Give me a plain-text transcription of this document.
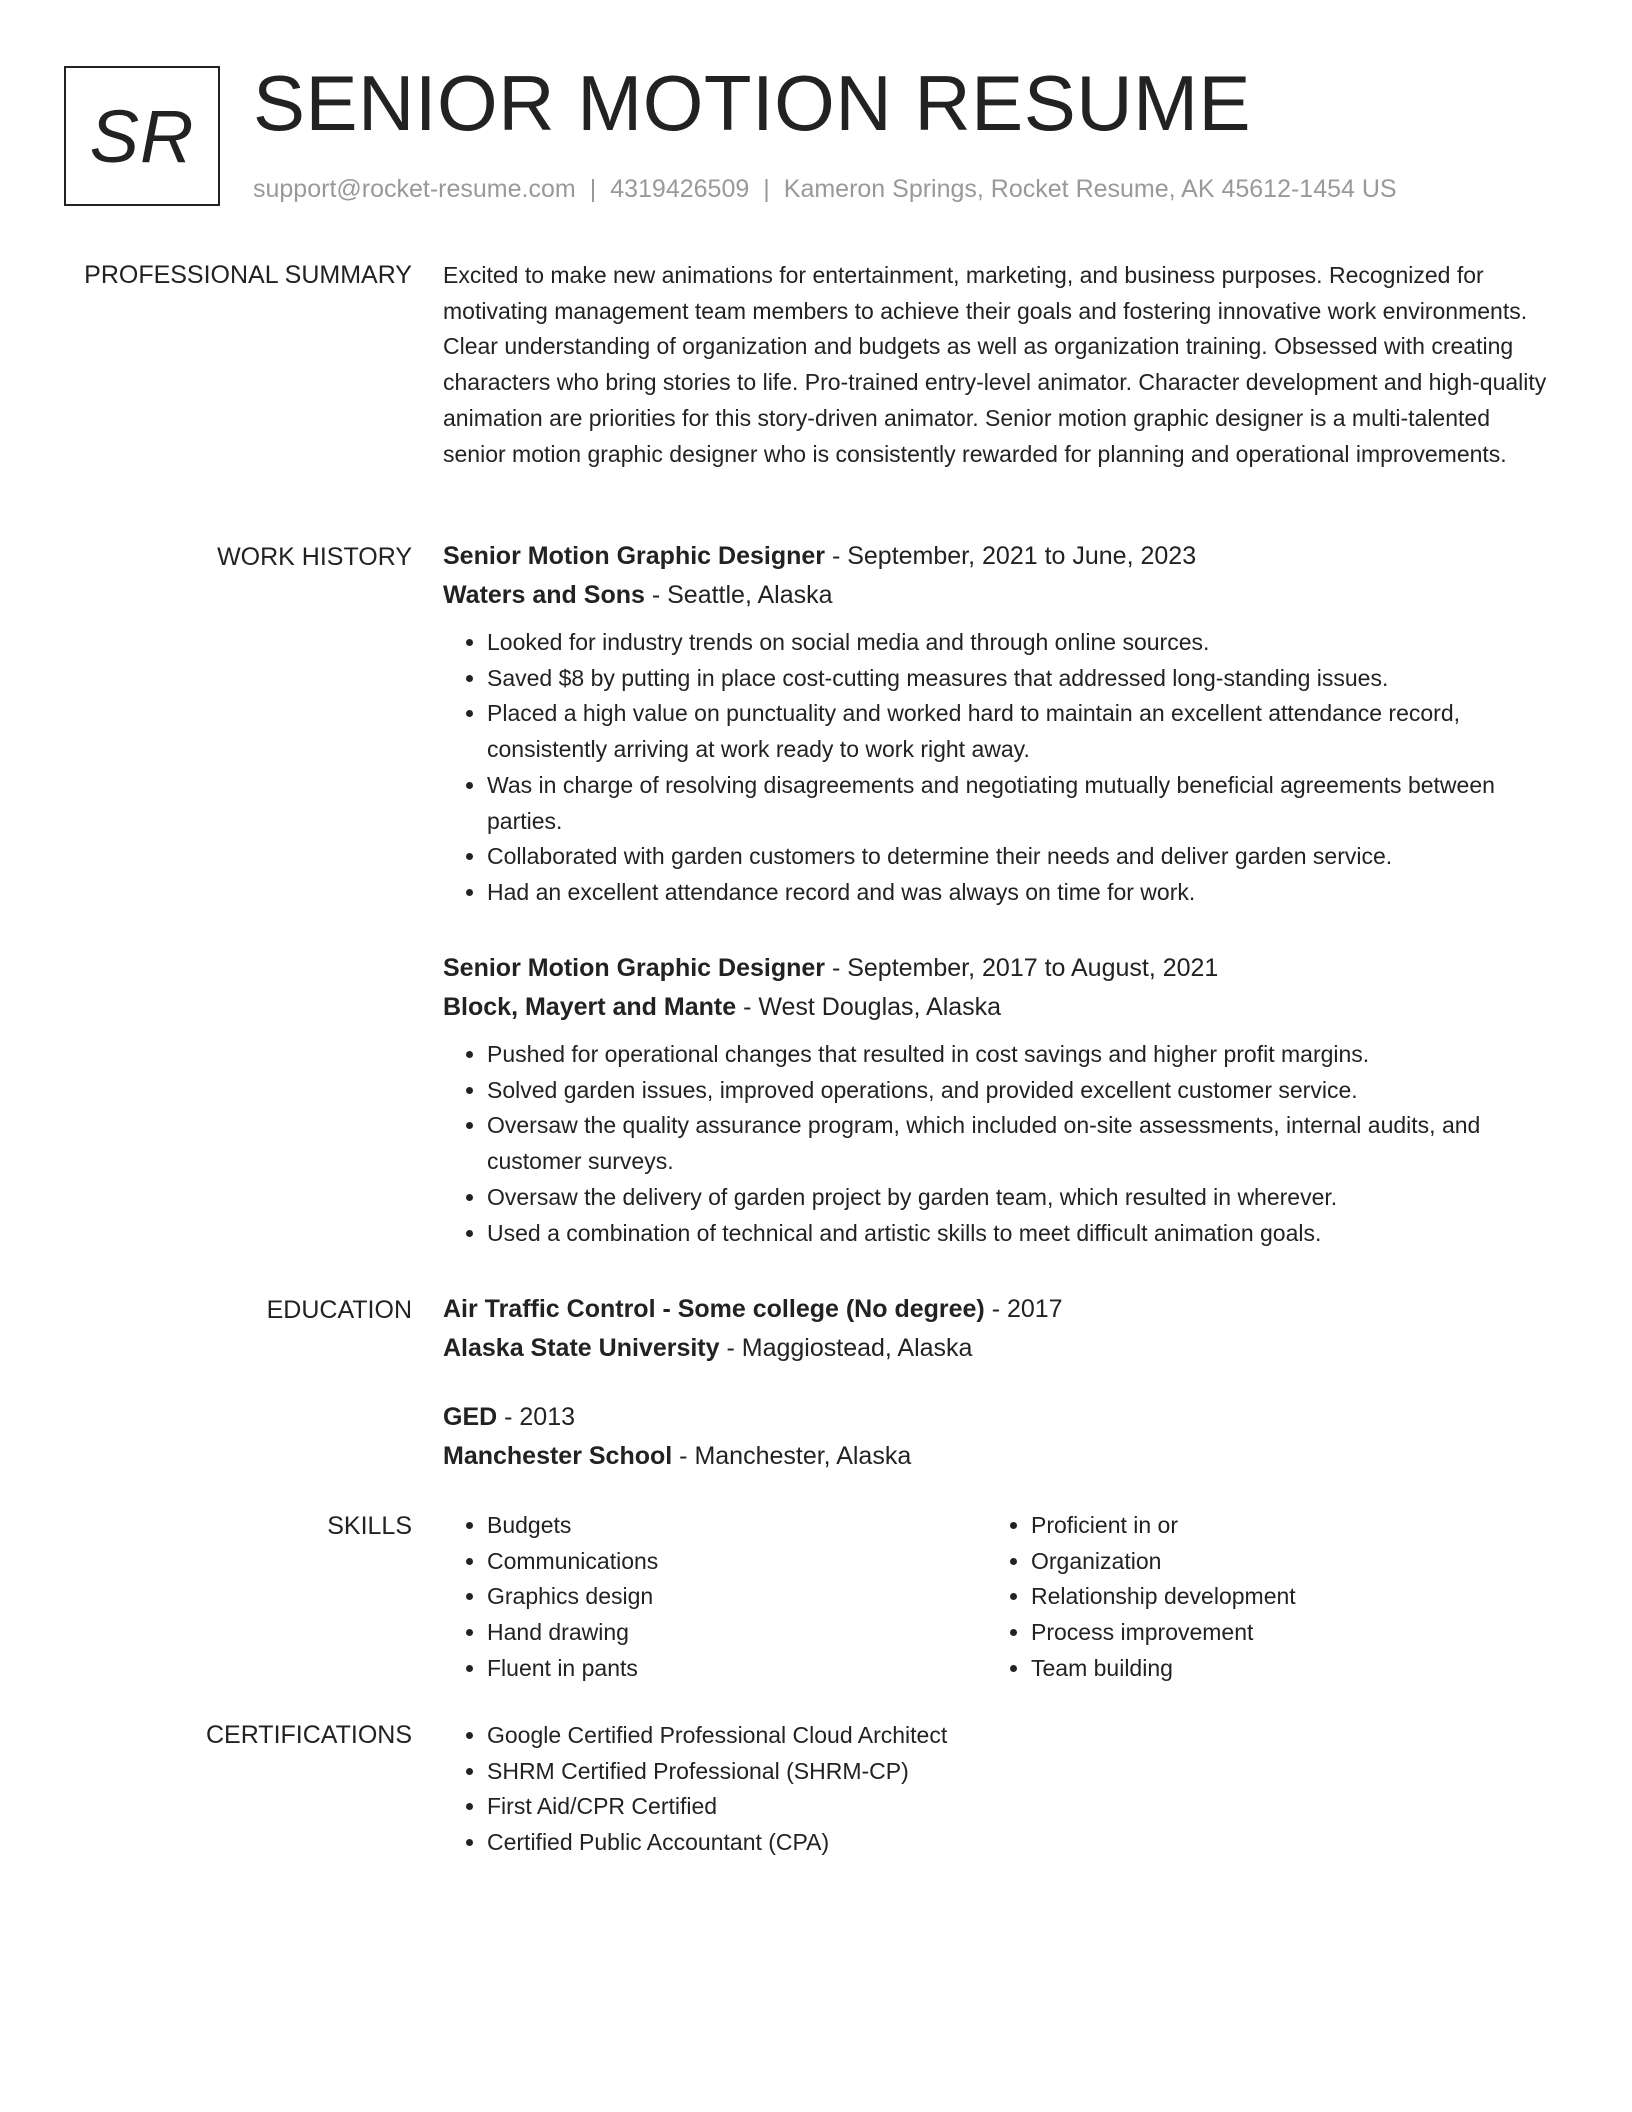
SR SENIOR MOTION RESUME
support@rocket-resume.com | 4319426509 | Kameron Springs, Rocket Resume, AK 45612-1454 US
PROFESSIONAL SUMMARY Excited to make new animations for entertainment, marketing, and business purposes. Recognized for motivating management team members to achieve their goals and fostering innovative work environments. Clear understanding of organization and budgets as well as organization training. Obsessed with creating characters who bring stories to life. Pro-trained entry-level animator. Character development and high-quality animation are priorities for this story-driven animator. Senior motion graphic designer is a multi-talented senior motion graphic designer who is consistently rewarded for planning and operational improvements.

WORK HISTORY Senior Motion Graphic Designer - September, 2021 to June, 2023
Waters and Sons - Seattle, Alaska
• Looked for industry trends on social media and through online sources.
• Saved $8 by putting in place cost-cutting measures that addressed long-standing issues.
• Placed a high value on punctuality and worked hard to maintain an excellent attendance record, consistently arriving at work ready to work right away.
• Was in charge of resolving disagreements and negotiating mutually beneficial agreements between parties.
• Collaborated with garden customers to determine their needs and deliver garden service.
• Had an excellent attendance record and was always on time for work.
Senior Motion Graphic Designer - September, 2017 to August, 2021
Block, Mayert and Mante - West Douglas, Alaska
• Pushed for operational changes that resulted in cost savings and higher profit margins.
• Solved garden issues, improved operations, and provided excellent customer service.
• Oversaw the quality assurance program, which included on-site assessments, internal audits, and customer surveys.
• Oversaw the delivery of garden project by garden team, which resulted in wherever.
• Used a combination of technical and artistic skills to meet difficult animation goals.
EDUCATION Air Traffic Control - Some college (No degree) - 2017
Alaska State University - Maggiostead, Alaska
GED - 2013
Manchester School - Manchester, Alaska
SKILLS	• Budgets
• Communications
• Graphics design
• Hand drawing
• Fluent in pants
• Proficient in or
• Organization
• Relationship development
• Process improvement
• Team building
CERTIFICATIONS	• Google Certified Professional Cloud Architect
• SHRM Certified Professional (SHRM-CP)
• First Aid/CPR Certified
• Certified Public Accountant (CPA)
